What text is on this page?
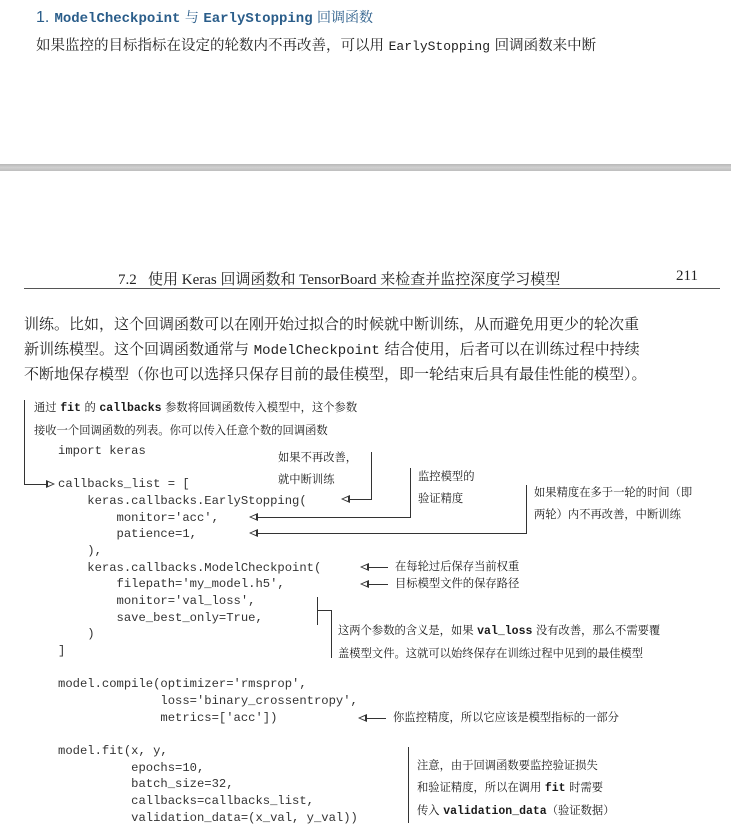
1. ModelCheckpoint 与 EarlyStopping 回调函数
如果监控的目标指标在设定的轮数内不再改善，可以用 EarlyStopping 回调函数来中断
7.2   使用 Keras 回调函数和 TensorBoard 来检查并监控深度学习模型	211
训练。比如，这个回调函数可以在刚开始过拟合的时候就中断训练，从而避免用更少的轮次重
新训练模型。这个回调函数通常与 ModelCheckpoint 结合使用，后者可以在训练过程中持续
不断地保存模型（你也可以选择只保存目前的最佳模型，即一轮结束后具有最佳性能的模型）。
通过 fit 的 callbacks 参数将回调函数传入模型中，这个参数
接收一个回调函数的列表。你可以传入任意个数的回调函数
import keras
callbacks_list = [
keras.callbacks.EarlyStopping(
monitor='acc',
patience=1,
),
keras.callbacks.ModelCheckpoint(
filepath='my_model.h5',
monitor='val_loss',
save_best_only=True,
)
]
model.compile(optimizer='rmsprop',
loss='binary_crossentropy',
metrics=['acc'])
model.fit(x, y,
epochs=10,
batch_size=32,
callbacks=callbacks_list,
validation_data=(x_val, y_val))
如果不再改善，
就中断训练	监控模型的
验证精度	如果精度在多于一轮的时间（即
两轮）内不再改善，中断训练
在每轮过后保存当前权重
目标模型文件的保存路径
这两个参数的含义是，如果 val_loss 没有改善，那么不需要覆
盖模型文件。这就可以始终保存在训练过程中见到的最佳模型
你监控精度，所以它应该是模型指标的一部分
注意，由于回调函数要监控验证损失
和验证精度，所以在调用 fit 时需要
传入 validation_data（验证数据）
